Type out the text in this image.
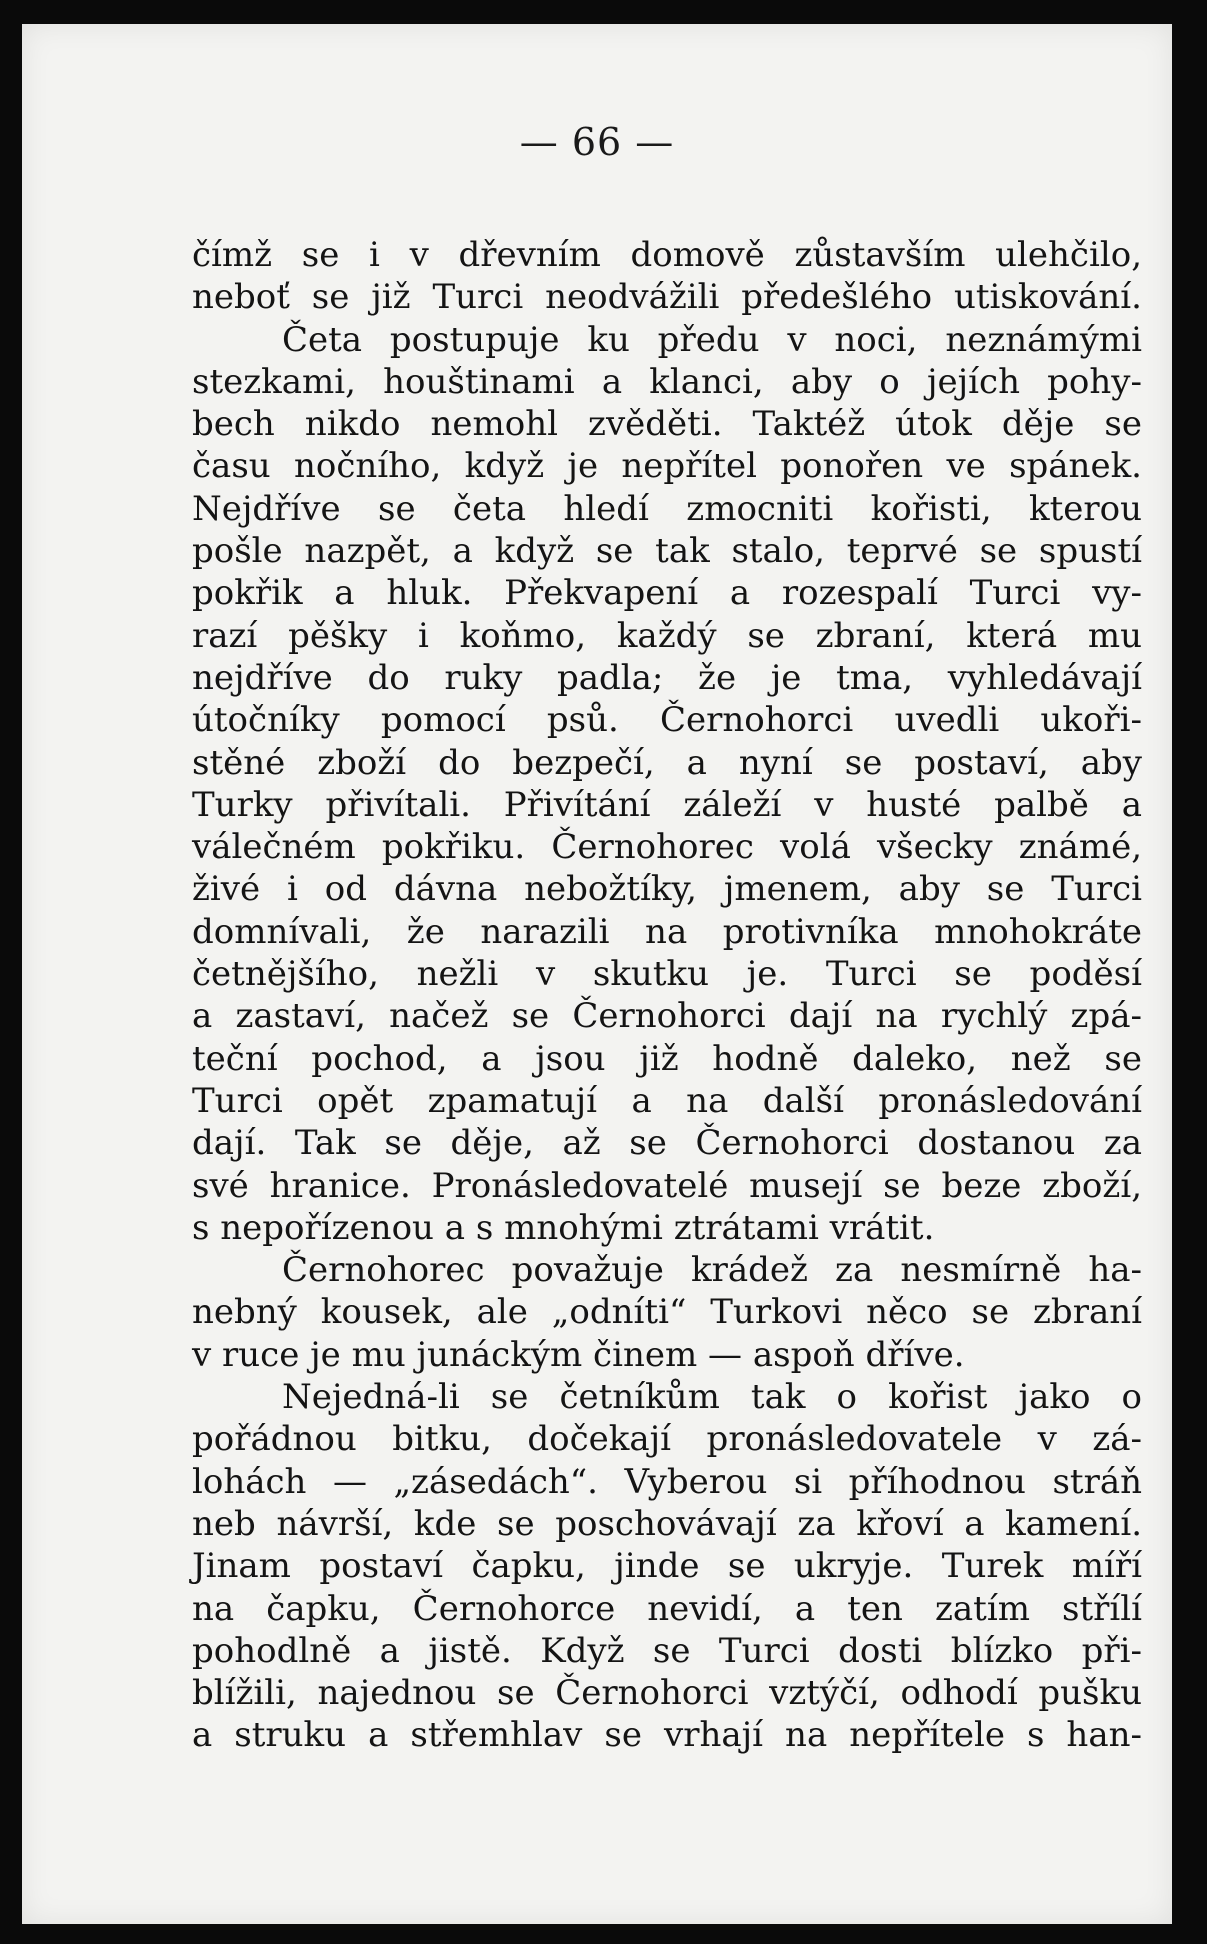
— 66 —
čímž se i v dřevním domově zůstavším ulehčilo,
neboť se již Turci neodvážili předešlého utiskování.
Četa postupuje ku předu v noci, neznámými
stezkami, houštinami a klanci, aby o jejích pohy-
bech nikdo nemohl zvěděti. Taktéž útok děje se
času nočního, když je nepřítel ponořen ve spánek.
Nejdříve se četa hledí zmocniti kořisti, kterou
pošle nazpět, a když se tak stalo, teprvé se spustí
pokřik a hluk. Překvapení a rozespalí Turci vy-
razí pěšky i koňmo, každý se zbraní, která mu
nejdříve do ruky padla; že je tma, vyhledávají
útočníky pomocí psů. Černohorci uvedli ukoři-
stěné zboží do bezpečí, a nyní se postaví, aby
Turky přivítali. Přivítání záleží v husté palbě a
válečném pokřiku. Černohorec volá všecky známé,
živé i od dávna nebožtíky, jmenem, aby se Turci
domnívali, že narazili na protivníka mnohokráte
četnějšího, nežli v skutku je. Turci se poděsí
a zastaví, načež se Černohorci dají na rychlý zpá-
teční pochod, a jsou již hodně daleko, než se
Turci opět zpamatují a na další pronásledování
dají. Tak se děje, až se Černohorci dostanou za
své hranice. Pronásledovatelé musejí se beze zboží,
s nepořízenou a s mnohými ztrátami vrátit.
Černohorec považuje krádež za nesmírně ha-
nebný kousek, ale „odníti“ Turkovi něco se zbraní
v ruce je mu junáckým činem — aspoň dříve.
Nejedná-li se četníkům tak o kořist jako o
pořádnou bitku, dočekají pronásledovatele v zá-
lohách — „zásedách“. Vyberou si příhodnou stráň
neb návrší, kde se poschovávají za křoví a kamení.
Jinam postaví čapku, jinde se ukryje. Turek míří
na čapku, Černohorce nevidí, a ten zatím střílí
pohodlně a jistě. Když se Turci dosti blízko při-
blížili, najednou se Černohorci vztýčí, odhodí pušku
a struku a střemhlav se vrhají na nepřítele s han-
